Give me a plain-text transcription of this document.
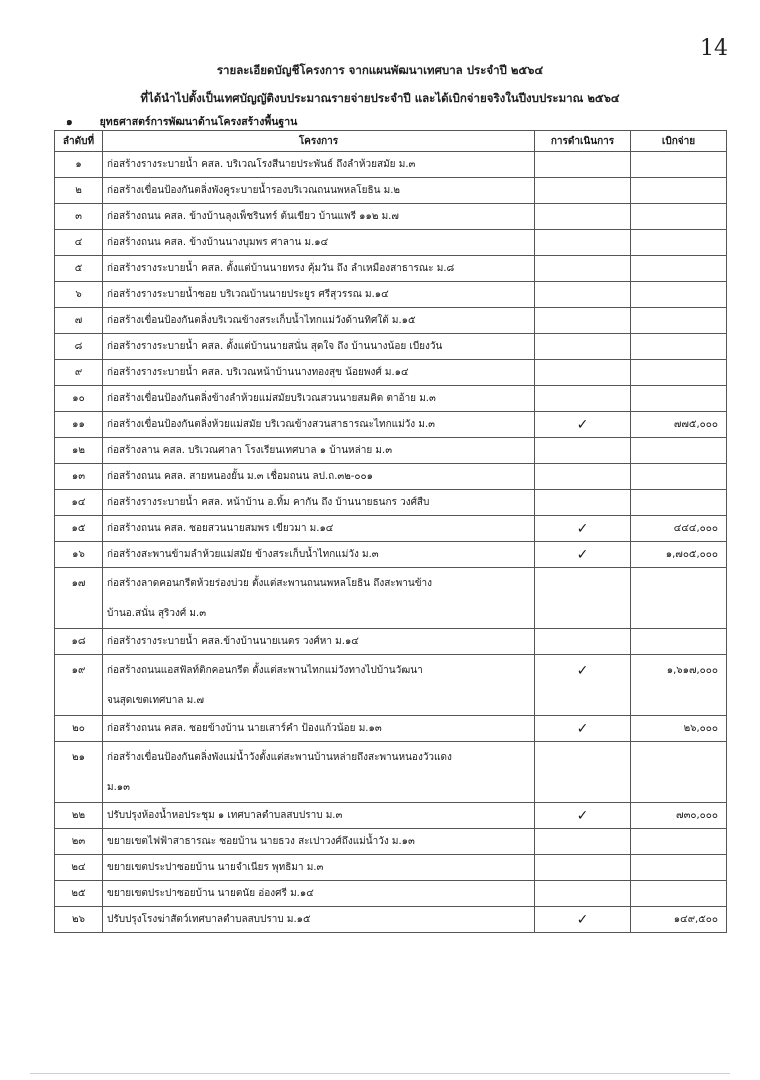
14
รายละเอียดบัญชีโครงการ จากแผนพัฒนาเทศบาล ประจำปี ๒๕๖๔
ที่ได้นำไปตั้งเป็นเทศบัญญัติงบประมาณรายจ่ายประจำปี และได้เบิกจ่ายจริงในปีงบประมาณ ๒๕๖๔
๑	ยุทธศาสตร์การพัฒนาด้านโครงสร้างพื้นฐาน
ลำดับที่	โครงการ	การดำเนินการ	เบิกจ่าย
๑	ก่อสร้างรางระบายน้ำ คสล. บริเวณโรงสีนายประพันธ์ ถึงลำห้วยสมัย ม.๓		
๒	ก่อสร้างเขื่อนป้องกันตลิ่งพังคูระบายน้ำรองบริเวณถนนพหลโยธิน ม.๒		
๓	ก่อสร้างถนน คสล. ข้างบ้านลุงเพ็ชรินทร์ ต้นเขียว บ้านแพรี ๑๑๒ ม.๗		
๔	ก่อสร้างถนน คสล. ข้างบ้านนางบุมพร ศาลาน ม.๑๔		
๕	ก่อสร้างรางระบายน้ำ คสล. ตั้งแต่บ้านนายทรง คุ้มวัน ถึง ลำเหมืองสาธารณะ ม.๘		
๖	ก่อสร้างรางระบายน้ำซอย บริเวณบ้านนายประยูร ศรีสุวรรณ ม.๑๔		
๗	ก่อสร้างเขื่อนป้องกันตลิ่งบริเวณข้างสระเก็บน้ำไทกแม่วังด้านทิศใต้ ม.๑๕		
๘	ก่อสร้างรางระบายน้ำ คสล. ตั้งแต่บ้านนายสนั่น สุดใจ ถึง บ้านนางน้อย เบียงวัน		
๙	ก่อสร้างรางระบายน้ำ คสล. บริเวณหน้าบ้านนางทองสุข น้อยพงศ์ ม.๑๔		
๑๐	ก่อสร้างเขื่อนป้องกันตลิ่งข้างลำห้วยแม่สมัยบริเวณสวนนายสมคิด ตาอ้าย ม.๓		
๑๑	ก่อสร้างเขื่อนป้องกันตลิ่งห้วยแม่สมัย บริเวณข้างสวนสาธารณะไทกแม่วัง ม.๓	✓	๗๗๕,๐๐๐
๑๒	ก่อสร้างลาน คสล. บริเวณศาลา โรงเรียนเทศบาล ๑ บ้านหล่าย ม.๓		
๑๓	ก่อสร้างถนน คสล. สายหนองยั้น ม.๓ เชื่อมถนน ลป.ถ.๓๒-๐๐๑		
๑๔	ก่อสร้างรางระบายน้ำ คสล. หน้าบ้าน อ.ทิ้ม คากัน ถึง บ้านนายธนกร วงศ์สืบ		
๑๕	ก่อสร้างถนน คสล. ซอยสวนนายสมพร เขียวมา ม.๑๔	✓	๔๔๔,๐๐๐
๑๖	ก่อสร้างสะพานข้ามลำห้วยแม่สมัย ข้างสระเก็บน้ำไทกแม่วัง ม.๓	✓	๑,๗๐๕,๐๐๐
๑๗	ก่อสร้างลาดคอนกรีตห้วยร่องบ่วย ตั้งแต่สะพานถนนพหลโยธิน ถึงสะพานข้าง		
	บ้านอ.สนั่น สุริวงศ์ ม.๓		
๑๘	ก่อสร้างรางระบายน้ำ คสล.ข้างบ้านนายเนตร วงศ์หา ม.๑๔		
๑๙	ก่อสร้างถนนแอสฟัลท์ติกคอนกรีต ตั้งแต่สะพานไทกแม่วังทางไปบ้านวัฒนา	✓	๑,๖๑๗,๐๐๐
	จนสุดเขตเทศบาล ม.๗		
๒๐	ก่อสร้างถนน คสล. ซอยข้างบ้าน นายเสาร์คำ ป้องแก้วน้อย ม.๑๓	✓	๒๖,๐๐๐
๒๑	ก่อสร้างเขื่อนป้องกันตลิ่งพังแม่น้ำวังตั้งแต่สะพานบ้านหล่ายถึงสะพานหนองวัวแดง		
	ม.๑๓		
๒๒	ปรับปรุงห้องน้ำหอประชุม ๑ เทศบาลตำบลสบปราบ ม.๓	✓	๗๓๐,๐๐๐
๒๓	ขยายเขตไฟฟ้าสาธารณะ ซอยบ้าน นายธวง สะเปาวงศ์ถึงแม่น้ำวัง ม.๑๓		
๒๔	ขยายเขตประปาซอยบ้าน นายจำเนียร พุทธิมา ม.๓		
๒๕	ขยายเขตประปาซอยบ้าน นายตนัย อ่องศรี ม.๑๔		
๒๖	ปรับปรุงโรงฆ่าสัตว์เทศบาลตำบลสบปราบ ม.๑๕	✓	๑๔๙,๕๐๐
